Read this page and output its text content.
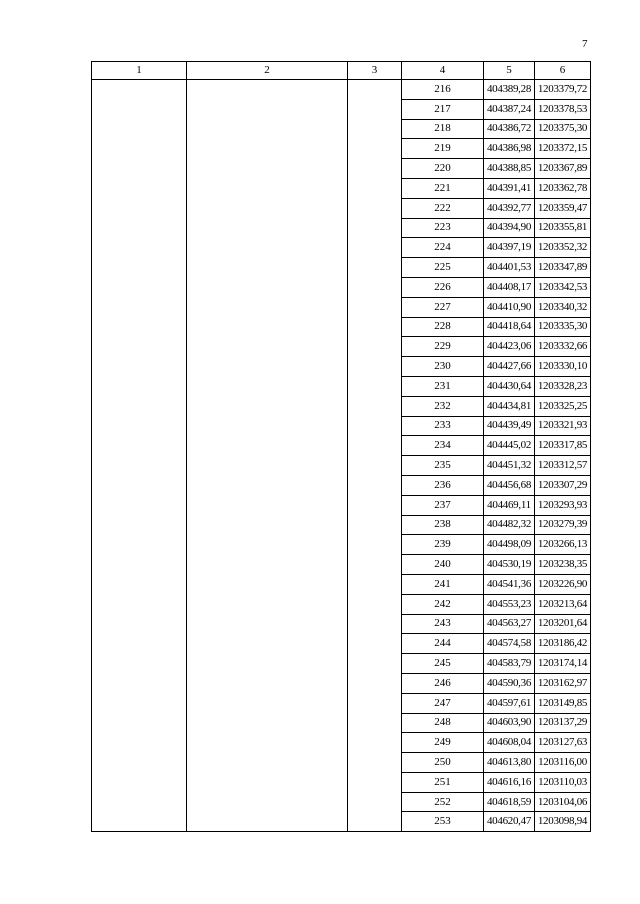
7
1	2	3	4	5	6
			216	404389,28	1203379,72
			217	404387,24	1203378,53
			218	404386,72	1203375,30
			219	404386,98	1203372,15
			220	404388,85	1203367,89
			221	404391,41	1203362,78
			222	404392,77	1203359,47
			223	404394,90	1203355,81
			224	404397,19	1203352,32
			225	404401,53	1203347,89
			226	404408,17	1203342,53
			227	404410,90	1203340,32
			228	404418,64	1203335,30
			229	404423,06	1203332,66
			230	404427,66	1203330,10
			231	404430,64	1203328,23
			232	404434,81	1203325,25
			233	404439,49	1203321,93
			234	404445,02	1203317,85
			235	404451,32	1203312,57
			236	404456,68	1203307,29
			237	404469,11	1203293,93
			238	404482,32	1203279,39
			239	404498,09	1203266,13
			240	404530,19	1203238,35
			241	404541,36	1203226,90
			242	404553,23	1203213,64
			243	404563,27	1203201,64
			244	404574,58	1203186,42
			245	404583,79	1203174,14
			246	404590,36	1203162,97
			247	404597,61	1203149,85
			248	404603,90	1203137,29
			249	404608,04	1203127,63
			250	404613,80	1203116,00
			251	404616,16	1203110,03
			252	404618,59	1203104,06
			253	404620,47	1203098,94
